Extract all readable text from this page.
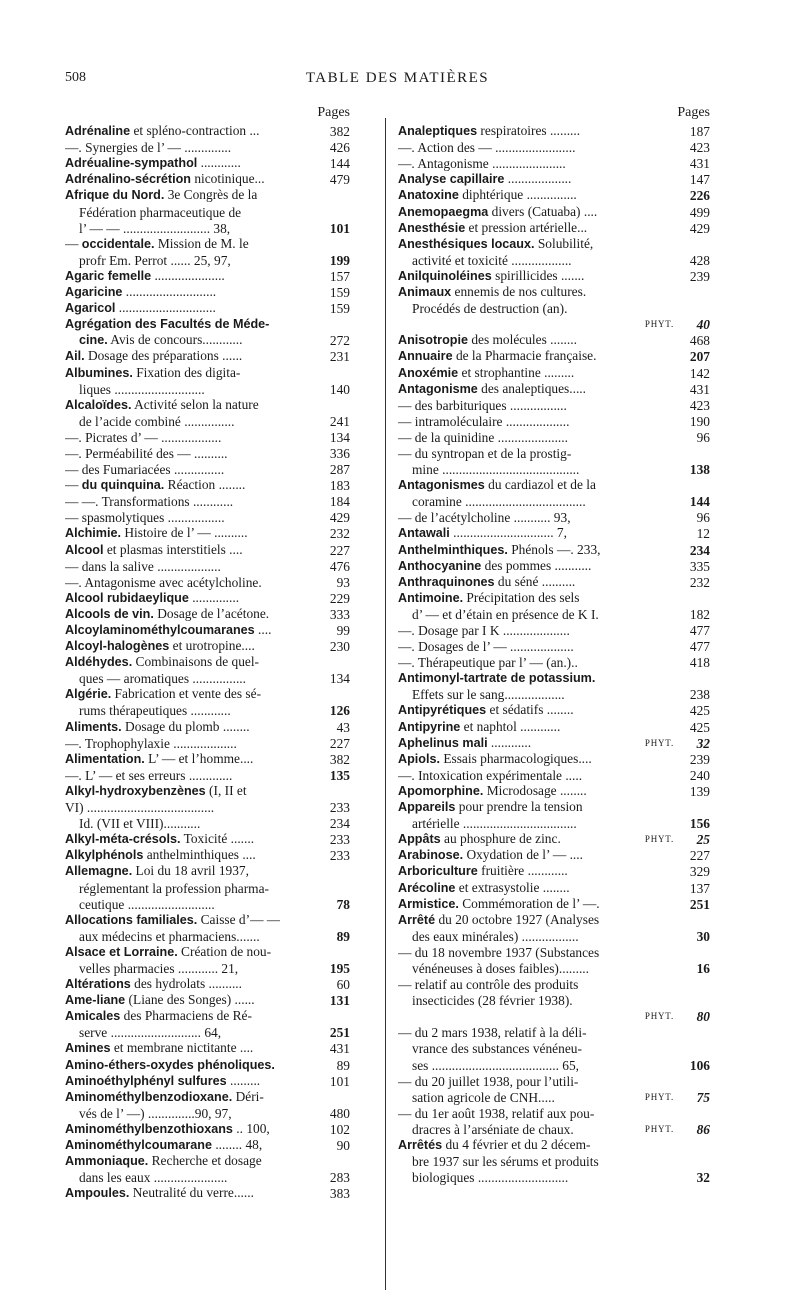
508	TABLE DES MATIÈRES
Pages
Adrénaline et spléno-contraction ...	382
—. Synergies de l’ — ..............	426
Adréualine-sympathol ............	144
Adrénalino-sécrétion nicotinique...	479
Afrique du Nord. 3e Congrès de la
Fédération pharmaceutique de
l’ — — .......................... 38,	101
— occidentale. Mission de M. le
profr Em. Perrot ...... 25, 97,	199
Agaric femelle .....................	157
Agaricine ...........................	159
Agaricol .............................	159
Agrégation des Facultés de Méde-
cine. Avis de concours............	272
Ail. Dosage des préparations ......	231
Albumines. Fixation des digita-
liques ...........................	140
Alcaloïdes. Activité selon la nature
de l’acide combiné ...............	241
—. Picrates d’ — ..................	134
—. Perméabilité des — ..........	336
— des Fumariacées ...............	287
— du quinquina. Réaction ........	183
— —. Transformations ............	184
— spasmolytiques .................	429
Alchimie. Histoire de l’ — ..........	232
Alcool et plasmas interstitiels ....	227
— dans la salive ...................	476
—. Antagonisme avec acétylcholine.	93
Alcool rubidaeylique ..............	229
Alcools de vin. Dosage de l’acétone.	333
Alcoylaminométhylcoumaranes ....	99
Alcoyl-halogènes et urotropine....	230
Aldéhydes. Combinaisons de quel-
ques — aromatiques ................	134
Algérie. Fabrication et vente des sé-
rums thérapeutiques ............	126
Aliments. Dosage du plomb ........	43
—. Trophophylaxie ...................	227
Alimentation. L’ — et l’homme....	382
—. L’ — et ses erreurs .............	135
Alkyl-hydroxybenzènes (I, II et
VI) ......................................	233
Id. (VII et VIII)...........	234
Alkyl-méta-crésols. Toxicité .......	233
Alkylphénols anthelminthiques ....	233
Allemagne. Loi du 18 avril 1937,
réglementant la profession pharma-
ceutique ..........................	78
Allocations familiales. Caisse d’— —
aux médecins et pharmaciens.......	89
Alsace et Lorraine. Création de nou-
velles pharmacies ............ 21,	195
Altérations des hydrolats ..........	60
Ame-liane (Liane des Songes) ......	131
Amicales des Pharmaciens de Ré-
serve ........................... 64,	251
Amines et membrane nictitante ....	431
Amino-éthers-oxydes phénoliques.	89
Aminoéthylphényl sulfures .........	101
Aminométhylbenzodioxane. Déri-
vés de l’ —) ..............90, 97,	480
Aminométhylbenzothioxans .. 100,	102
Aminométhylcoumarane ........ 48,	90
Ammoniaque. Recherche et dosage
dans les eaux ......................	283
Ampoules. Neutralité du verre......	383
Pages
Analeptiques respiratoires .........	187
—. Action des — ........................	423
—. Antagonisme ......................	431
Analyse capillaire ...................	147
Anatoxine diphtérique ...............	226
Anemopaegma divers (Catuaba) ....	499
Anesthésie et pression artérielle...	429
Anesthésiques locaux. Solubilité,
activité et toxicité ..................	428
Anilquinoléines spirillicides .......	239
Animaux ennemis de nos cultures.
Procédés de destruction (an).
PHYT.	40
Anisotropie des molécules ........	468
Annuaire de la Pharmacie française.	207
Anoxémie et strophantine .........	142
Antagonisme des analeptiques.....	431
— des barbituriques .................	423
— intramoléculaire ...................	190
— de la quinidine .....................	96
— du syntropan et de la prostig-
mine .........................................	138
Antagonismes du cardiazol et de la
coramine ....................................	144
— de l’acétylcholine ........... 93,	96
Antawali .............................. 7,	12
Anthelminthiques. Phénols —. 233,	234
Anthocyanine des pommes ...........	335
Anthraquinones du séné ..........	232
Antimoine. Précipitation des sels
d’ — et d’étain en présence de K I.	182
—. Dosage par I K ....................	477
—. Dosages de l’ — ...................	477
—. Thérapeutique par l’ — (an.)..	418
Antimonyl-tartrate de potassium.
Effets sur le sang..................	238
Antipyrétiques et sédatifs ........	425
Antipyrine et naphtol ............	425
Aphelinus mali ............	PHYT.	32
Apiols. Essais pharmacologiques....	239
—. Intoxication expérimentale .....	240
Apomorphine. Microdosage ........	139
Appareils pour prendre la tension
artérielle ..................................	156
Appâts au phosphure de zinc.	PHYT.	25
Arabinose. Oxydation de l’ — ....	227
Arboriculture fruitière ............	329
Arécoline et extrasystolie ........	137
Armistice. Commémoration de l’ —.	251
Arrêté du 20 octobre 1927 (Analyses
des eaux minérales) .................	30
— du 18 novembre 1937 (Substances
vénéneuses à doses faibles).........	16
— relatif au contrôle des produits
insecticides (28 février 1938).
PHYT.	80
— du 2 mars 1938, relatif à la déli-
vrance des substances vénéneu-
ses ...................................... 65,	106
— du 20 juillet 1938, pour l’utili-
sation agricole de CNH.....	PHYT.	75
— du 1er août 1938, relatif aux pou-
dracres à l’arséniate de chaux.	PHYT.	86
Arrêtés du 4 février et du 2 décem-
bre 1937 sur les sérums et produits
biologiques ...........................	32
